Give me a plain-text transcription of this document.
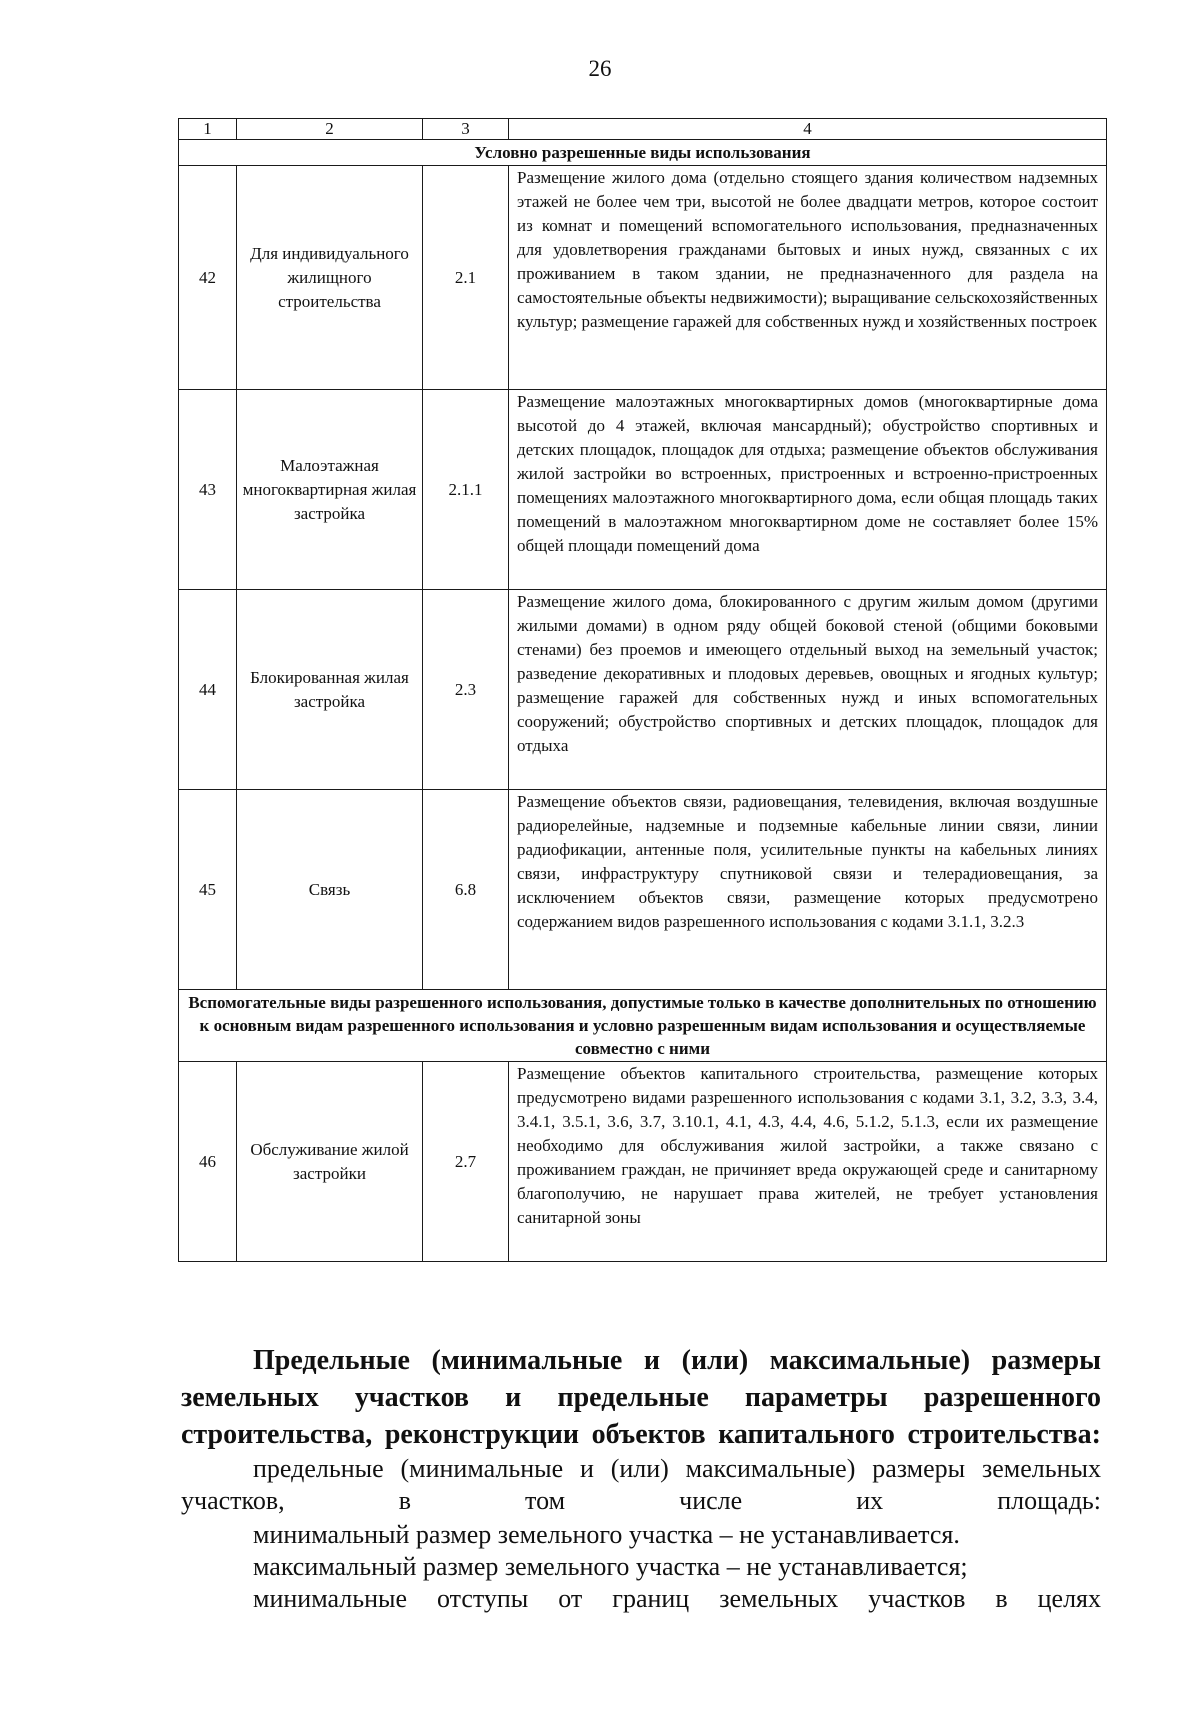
26
1	2	3	4
Условно разрешенные виды использования			
42	Для индивидуального жилищного строительства	2.1	Размещение жилого дома (отдельно стоящего здания количеством надземных этажей не более чем три, высотой не более двадцати метров, которое состоит из комнат и помещений вспомогательного использования, предназначенных для удовлетворения гражданами бытовых и иных нужд, связанных с их проживанием в таком здании, не предназначенного для раздела на самостоятельные объекты недвижимости); выращивание сельскохозяйственных культур; размещение гаражей для собственных нужд и хозяйственных построек
43	Малоэтажная многоквартирная жилая застройка	2.1.1	Размещение малоэтажных многоквартирных домов (многоквартирные дома высотой до 4 этажей, включая мансардный); обустройство спортивных и детских площадок, площадок для отдыха; размещение объектов обслуживания жилой застройки во встроенных, пристроенных и встроенно-пристроенных помещениях малоэтажного многоквартирного дома, если общая площадь таких помещений в малоэтажном многоквартирном доме не составляет более 15% общей площади помещений дома
44	Блокированная жилая застройка	2.3	Размещение жилого дома, блокированного с другим жилым домом (другими жилыми домами) в одном ряду общей боковой стеной (общими боковыми стенами) без проемов и имеющего отдельный выход на земельный участок; разведение декоративных и плодовых деревьев, овощных и ягодных культур; размещение гаражей для собственных нужд и иных вспомогательных сооружений; обустройство спортивных и детских площадок, площадок для отдыха
45	Связь	6.8	Размещение объектов связи, радиовещания, телевидения, включая воздушные радиорелейные, надземные и подземные кабельные линии связи, линии радиофикации, антенные поля, усилительные пункты на кабельных линиях связи, инфраструктуру спутниковой связи и телерадиовещания, за исключением объектов связи, размещение которых предусмотрено содержанием видов разрешенного использования с кодами 3.1.1, 3.2.3
Вспомогательные виды разрешенного использования, допустимые только в качестве дополнительных по отношению к основным видам разрешенного использования и условно разрешенным видам использования и осуществляемые совместно с ними			
46	Обслуживание жилой застройки	2.7	Размещение объектов капитального строительства, размещение которых предусмотрено видами разрешенного использования с кодами 3.1, 3.2, 3.3, 3.4, 3.4.1, 3.5.1, 3.6, 3.7, 3.10.1, 4.1, 4.3, 4.4, 4.6, 5.1.2, 5.1.3, если их размещение необходимо для обслуживания жилой застройки, а также связано с проживанием граждан, не причиняет вреда окружающей среде и санитарному благополучию, не нарушает права жителей, не требует установления санитарной зоны
Предельные (минимальные и (или) максимальные) размеры земельных участков и предельные параметры разрешенного строительства, реконструкции объектов капитального строительства:
предельные (минимальные и (или) максимальные) размеры земельных участков, в том числе их площадь:
минимальный размер земельного участка – не устанавливается.
максимальный размер земельного участка – не устанавливается;
минимальные отступы от границ земельных участков в целях
